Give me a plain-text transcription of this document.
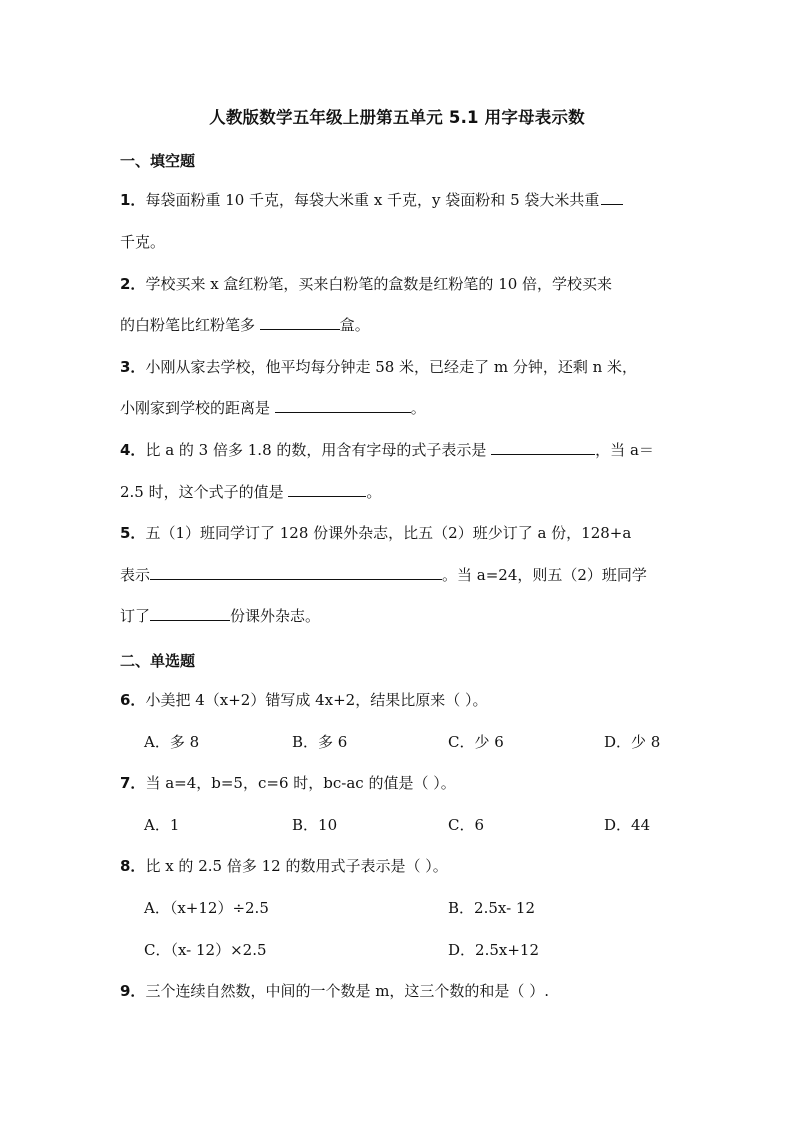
人教版数学五年级上册第五单元 5.1 用字母表示数
一、填空题
1．每袋面粉重 10 千克，每袋大米重 x 千克，y 袋面粉和 5 袋大米共重
千克。
2．学校买来 x 盒红粉笔，买来白粉笔的盒数是红粉笔的 10 倍，学校买来
的白粉笔比红粉笔多	盒。
3．小刚从家去学校，他平均每分钟走 58 米，已经走了 m 分钟，还剩 n 米，
小刚家到学校的距离是	。
4．比 a 的 3 倍多 1.8 的数，用含有字母的式子表示是	，当 a＝
2.5 时，这个式子的值是	。
5．五（1）班同学订了 128 份课外杂志，比五（2）班少订了 a 份，128+a
表示	。当 a=24，则五（2）班同学
订了	份课外杂志。
二、单选题
6．小美把 4（x+2）错写成 4x+2，结果比原来（ ）。
A．多 8	B．多 6	C．少 6	D．少 8
7．当 a=4，b=5，c=6 时，bc-ac 的值是（ ）。
A．1	B．10	C．6	D．44
8．比 x 的 2.5 倍多 12 的数用式子表示是（ ）。
A．（x+12）÷2.5	B．2.5x- 12
C．（x- 12）×2.5	D．2.5x+12
9．三个连续自然数，中间的一个数是 m，这三个数的和是（ ）.
